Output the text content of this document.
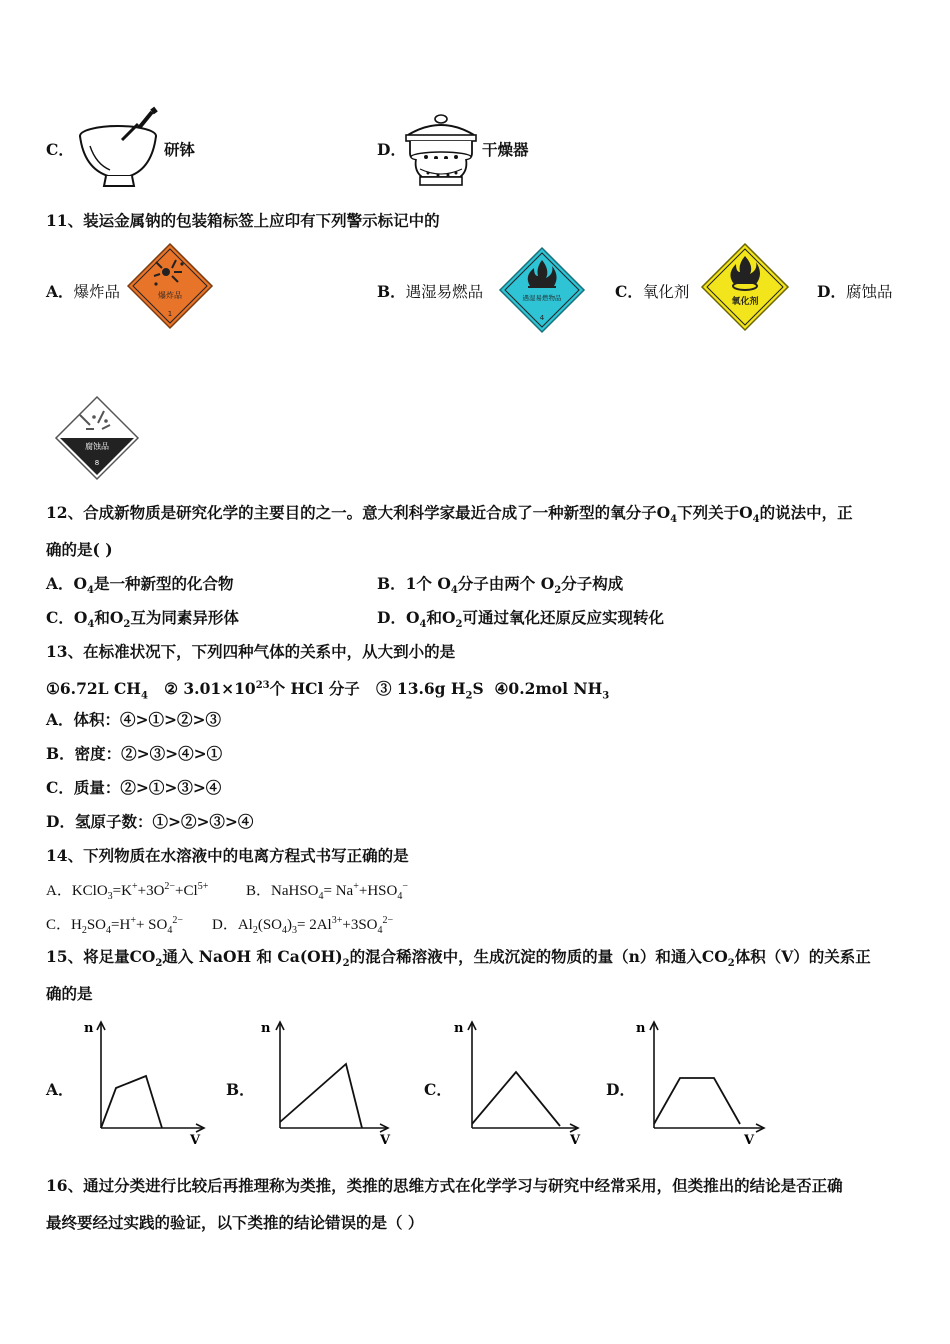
C．	研钵	D．	干燥器
11、装运金属钠的包装箱标签上应印有下列警示标记中的
A．爆炸品	爆炸品
1
B．遇湿易燃品	遇湿易燃物品
4
C．氧化剂
氧化剂
D．腐蚀品
腐蚀品
8
12、合成新物质是研究化学的主要目的之一。意大利科学家最近合成了一种新型的氧分子$O_4$下列关于$O_4$的说法中，正
确的是( )
A．$O_4$是一种新型的化合物	B．1个 $O_4$分子由两个 $O_2$分子构成
C．$O_4$和$O_2$互为同素异形体	D．$O_4$和$O_2$可通过氧化还原反应实现转化
13、在标准状况下，下列四种气体的关系中，从大到小的是
①6.72L $CH_4$ ② $3.01\times 10^{23}$个 HCl 分子 ③ 13.6g $H_2S$ ④0.2mol $NH_3$
A．体积：④>①>②>③
B．密度：②>③>④>①
C．质量：②>①>③>④
D．氢原子数：①>②>③>④
14、下列物质在水溶液中的电离方程式书写正确的是
A．$KClO_3=K^++3O^{2-}+Cl^{5+}$	B．NaHSO$_4$= $Na^++HSO_4^-$
C．$H_2SO_4=H^++ SO_4^{2-}$ D．$Al_2(SO_4)_3= 2Al^{3+}+3SO_4^{2-}$
15、将足量$CO_2$通入 NaOH 和 $Ca(OH)_2$的混合稀溶液中，生成沉淀的物质的量（n）和通入$CO_2$体积（V）的关系正
确的是
A．
n
V
B．
n
V
C．
n
V
D．
n
V
16、通过分类进行比较后再推理称为类推，类推的思维方式在化学学习与研究中经常采用，但类推出的结论是否正确
最终要经过实践的验证，以下类推的结论错误的是（ ）
